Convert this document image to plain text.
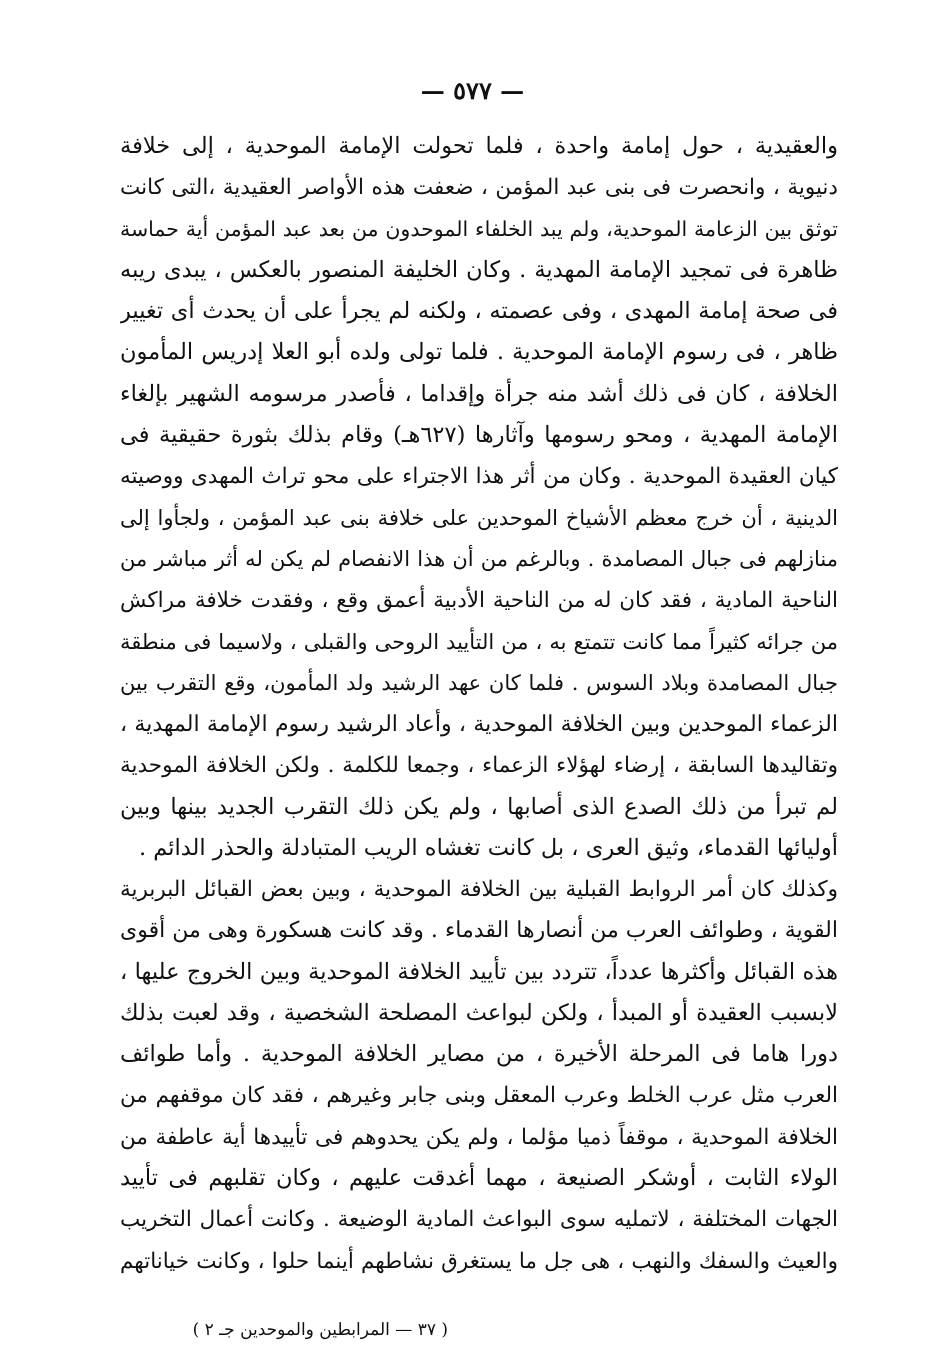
— ٥٧٧ —
والعقيدية ، حول إمامة واحدة ، فلما تحولت الإمامة الموحدية ، إلى خلافة
دنيوية ، وانحصرت فى بنى عبد المؤمن ، ضعفت هذه الأواصر العقيدية ،التى كانت
توثق بين الزعامة الموحدية، ولم يبد الخلفاء الموحدون من بعد عبد المؤمن أية حماسة
ظاهرة فى تمجيد الإمامة المهدية . وكان الخليفة المنصور بالعكس ، يبدى ريبه
فى صحة إمامة المهدى ، وفى عصمته ، ولكنه لم يجرأ على أن يحدث أى تغيير
ظاهر ، فى رسوم الإمامة الموحدية . فلما تولى ولده أبو العلا إدريس المأمون
الخلافة ، كان فى ذلك أشد منه جرأة وإقداما ، فأصدر مرسومه الشهير بإلغاء
الإمامة المهدية ، ومحو رسومها وآثارها (٦٢٧هـ) وقام بذلك بثورة حقيقية فى
كيان العقيدة الموحدية . وكان من أثر هذا الاجتراء على محو تراث المهدى ووصيته
الدينية ، أن خرج معظم الأشياخ الموحدين على خلافة بنى عبد المؤمن ، ولجأوا إلى
منازلهم فى جبال المصامدة . وبالرغم من أن هذا الانفصام لم يكن له أثر مباشر من
الناحية المادية ، فقد كان له من الناحية الأدبية أعمق وقع ، وفقدت خلافة مراكش
من جرائه كثيراً مما كانت تتمتع به ، من التأييد الروحى والقبلى ، ولاسيما فى منطقة
جبال المصامدة وبلاد السوس . فلما كان عهد الرشيد ولد المأمون، وقع التقرب بين
الزعماء الموحدين وبين الخلافة الموحدية ، وأعاد الرشيد رسوم الإمامة المهدية ،
وتقاليدها السابقة ، إرضاء لهؤلاء الزعماء ، وجمعا للكلمة . ولكن الخلافة الموحدية
لم تبرأ من ذلك الصدع الذى أصابها ، ولم يكن ذلك التقرب الجديد بينها وبين
أوليائها القدماء، وثيق العرى ، بل كانت تغشاه الريب المتبادلة والحذر الدائم .
وكذلك كان أمر الروابط القبلية بين الخلافة الموحدية ، وبين بعض القبائل البربرية
القوية ، وطوائف العرب من أنصارها القدماء . وقد كانت هسكورة وهى من أقوى
هذه القبائل وأكثرها عدداً، تتردد بين تأييد الخلافة الموحدية وبين الخروج عليها ،
لابسبب العقيدة أو المبدأ ، ولكن لبواعث المصلحة الشخصية ، وقد لعبت بذلك
دورا هاما فى المرحلة الأخيرة ، من مصاير الخلافة الموحدية . وأما طوائف
العرب مثل عرب الخلط وعرب المعقل وبنى جابر وغيرهم ، فقد كان موقفهم من
الخلافة الموحدية ، موقفاً ذميا مؤلما ، ولم يكن يحدوهم فى تأييدها أية عاطفة من
الولاء الثابت ، أوشكر الصنيعة ، مهما أغدقت عليهم ، وكان تقلبهم فى تأييد
الجهات المختلفة ، لاتمليه سوى البواعث المادية الوضيعة . وكانت أعمال التخريب
والعيث والسفك والنهب ، هى جل ما يستغرق نشاطهم أينما حلوا ، وكانت خياناتهم
( ٣٧ — المرابطين والموحدين جـ ٢ )
